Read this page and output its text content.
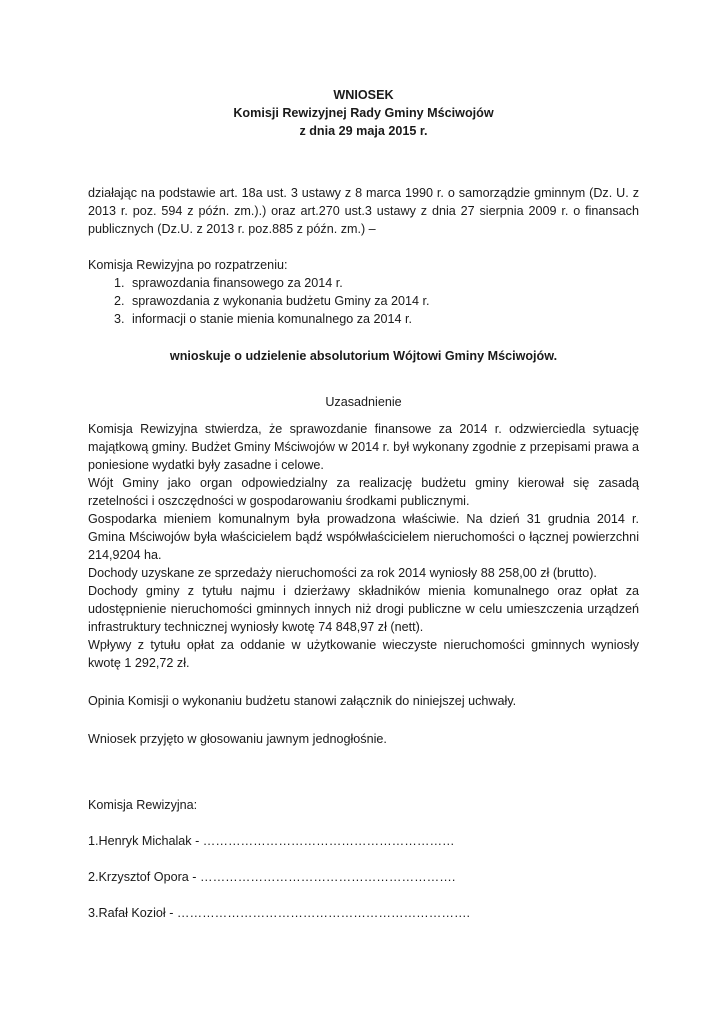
WNIOSEK
Komisji Rewizyjnej Rady Gminy Mściwojów
z dnia 29 maja 2015 r.

działając na podstawie art. 18a ust. 3 ustawy z 8 marca 1990 r. o samorządzie gminnym (Dz. U. z 2013 r. poz. 594 z późn. zm.).) oraz art.270 ust.3 ustawy z dnia 27 sierpnia 2009 r. o finansach publicznych (Dz.U. z 2013 r. poz.885 z późn. zm.) –

Komisja Rewizyjna po rozpatrzeniu:

1. sprawozdania finansowego za 2014 r.
2. sprawozdania z wykonania budżetu Gminy za 2014 r.
3. informacji o stanie mienia komunalnego za 2014 r.

wnioskuje o udzielenie absolutorium Wójtowi Gminy Mściwojów.

Uzasadnienie

Komisja Rewizyjna stwierdza, że sprawozdanie finansowe za 2014 r. odzwierciedla sytuację majątkową gminy. Budżet Gminy Mściwojów w 2014 r. był wykonany zgodnie z przepisami prawa a poniesione wydatki były zasadne i celowe.

Wójt Gminy jako organ odpowiedzialny za realizację budżetu gminy kierował się zasadą rzetelności i oszczędności w gospodarowaniu środkami publicznymi.

Gospodarka mieniem komunalnym była prowadzona właściwie. Na dzień 31 grudnia 2014 r. Gmina Mściwojów była właścicielem bądź współwłaścicielem nieruchomości o łącznej powierzchni 214,9204 ha.

Dochody uzyskane ze sprzedaży nieruchomości za rok 2014 wyniosły 88 258,00 zł (brutto).

Dochody gminy z tytułu najmu i dzierżawy składników mienia komunalnego oraz opłat za udostępnienie nieruchomości gminnych innych niż drogi publiczne w celu umieszczenia urządzeń infrastruktury technicznej wyniosły kwotę 74 848,97 zł (nett).

Wpływy z tytułu opłat za oddanie w użytkowanie wieczyste nieruchomości gminnych wyniosły kwotę 1 292,72 zł.

Opinia Komisji o wykonaniu budżetu stanowi załącznik do niniejszej uchwały.

Wniosek przyjęto w głosowaniu jawnym jednogłośnie.

Komisja Rewizyjna:

1.Henryk Michalak - ……………………………………………………

2.Krzysztof Opora - …………………………………………………….

3.Rafał Kozioł - …………………………………………………………….
